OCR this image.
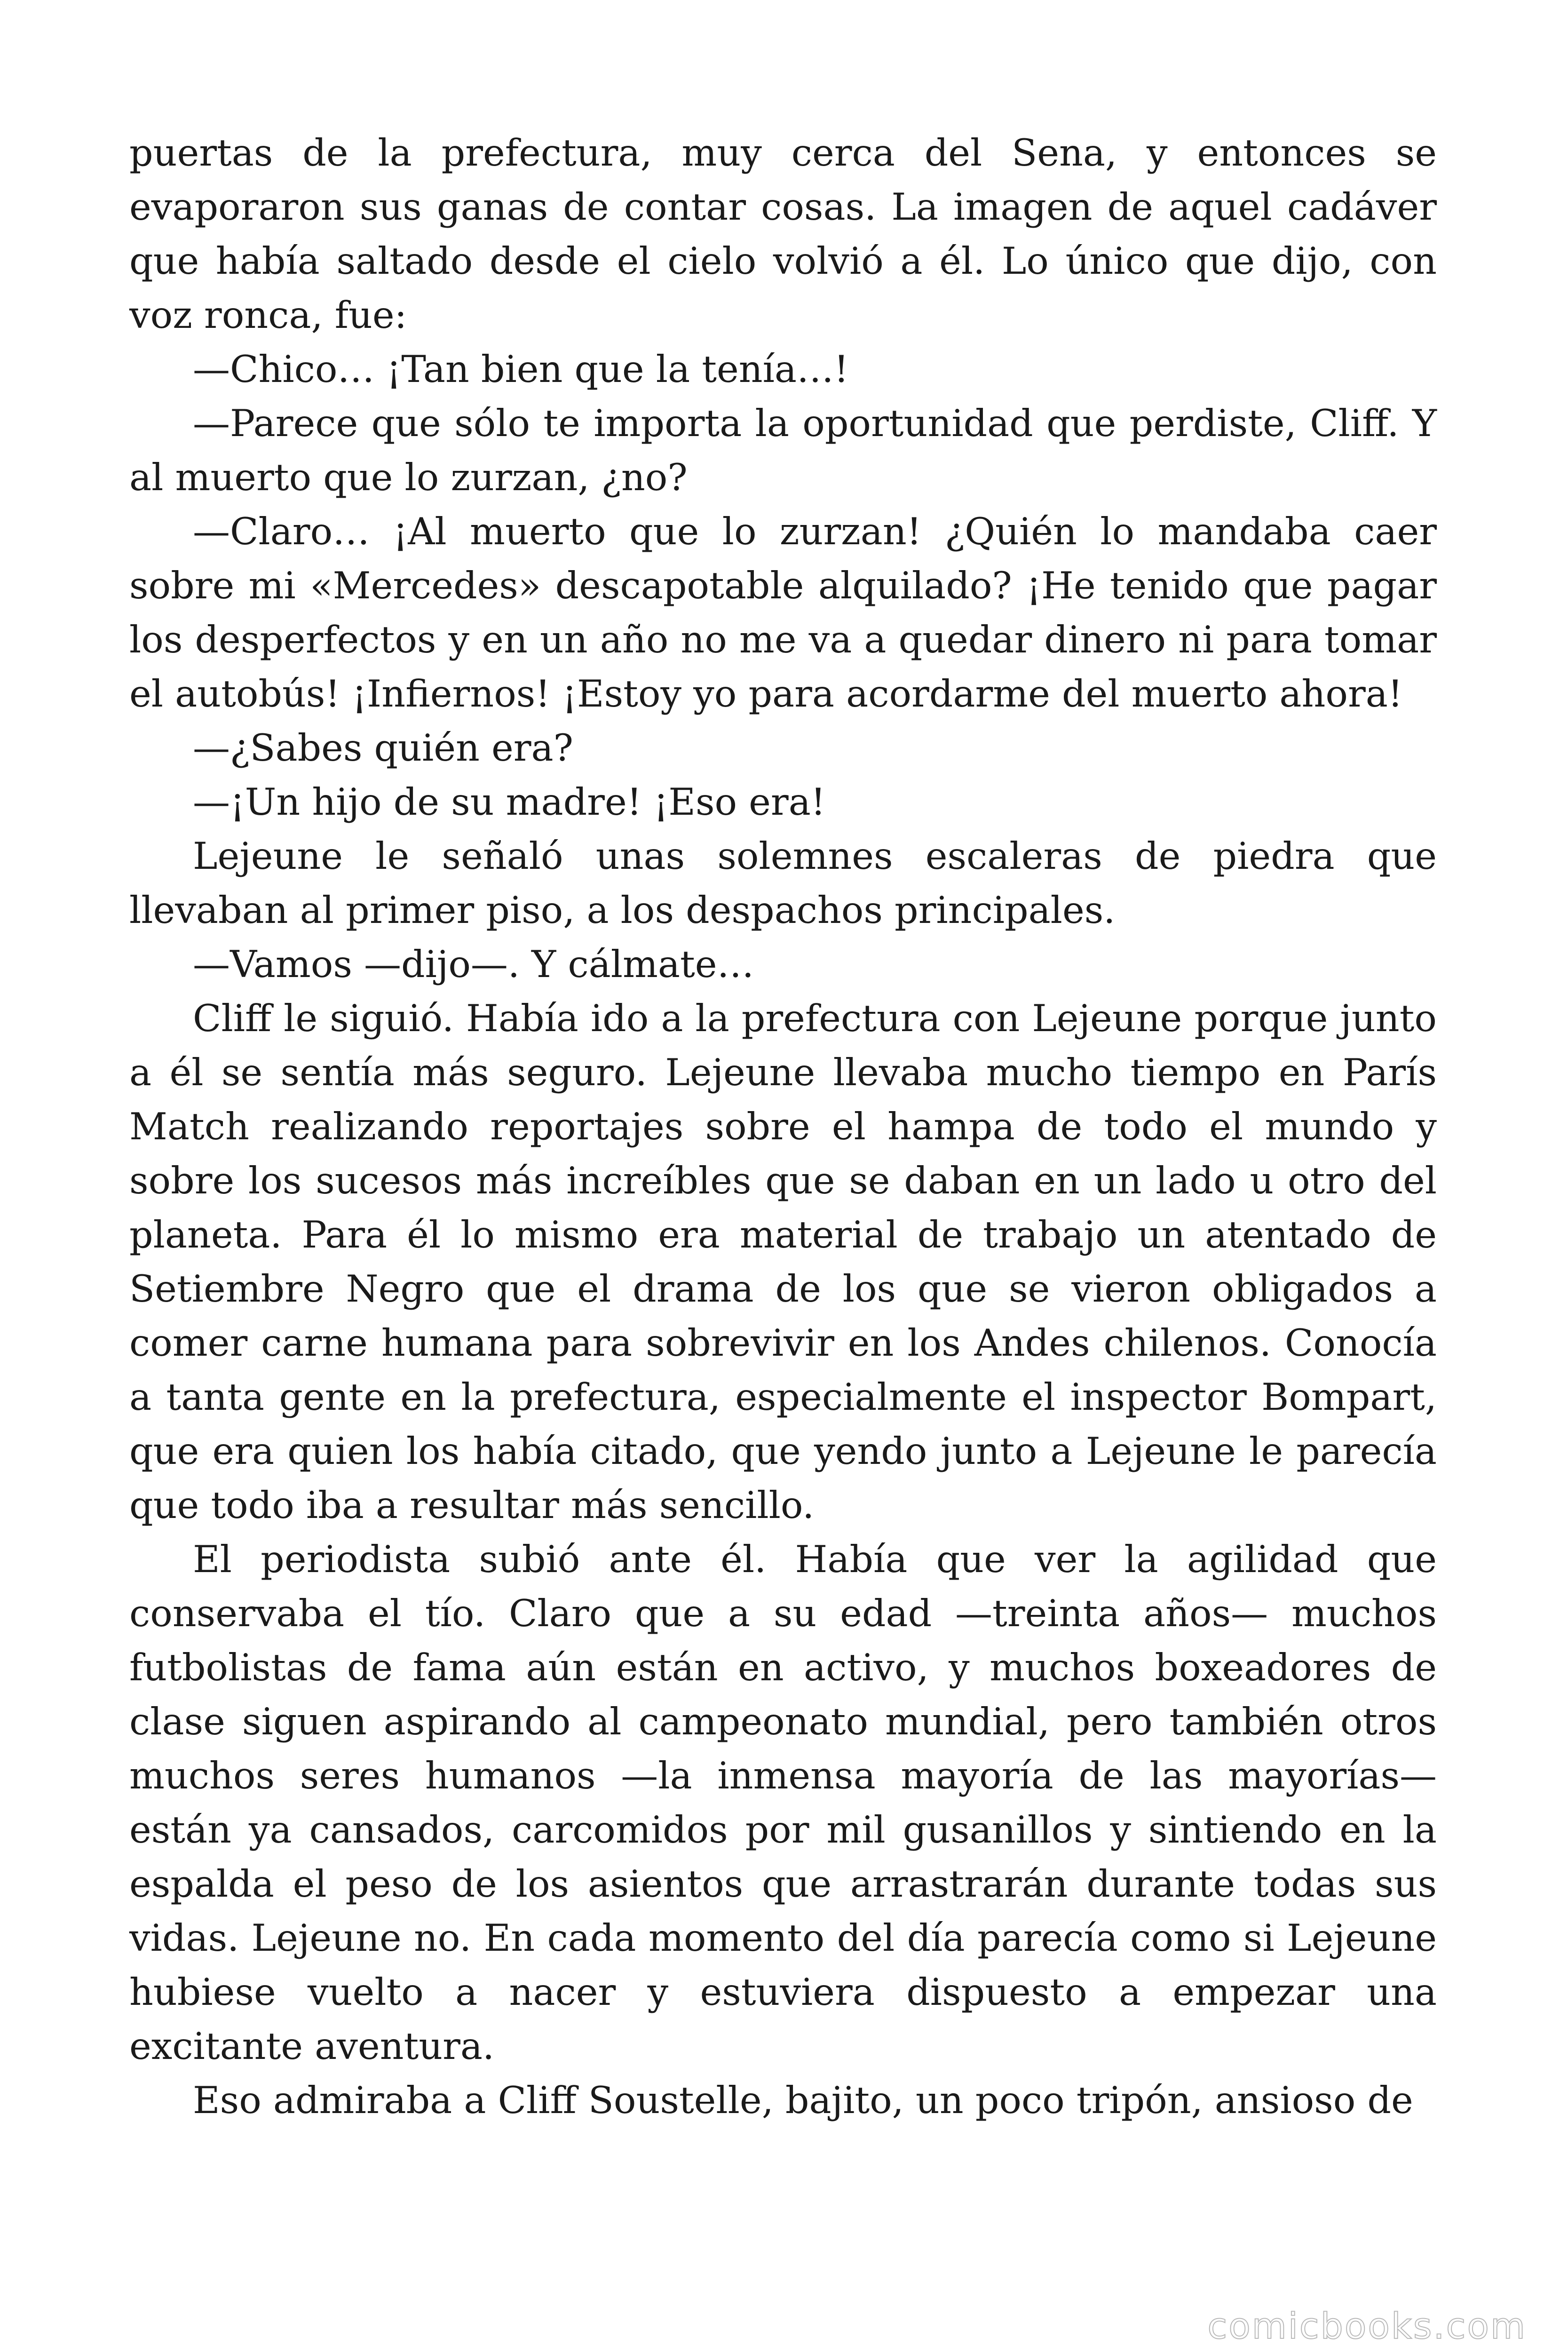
puertas de la prefectura, muy cerca del Sena, y entonces se evaporaron sus ganas de contar cosas. La imagen de aquel cadáver que había saltado desde el cielo volvió a él. Lo único que dijo, con voz ronca, fue:

—Chico… ¡Tan bien que la tenía…!

—Parece que sólo te importa la oportunidad que perdiste, Cliff. Y al muerto que lo zurzan, ¿no?

—Claro… ¡Al muerto que lo zurzan! ¿Quién lo mandaba caer sobre mi «Mercedes» descapotable alquilado? ¡He tenido que pagar los desperfectos y en un año no me va a quedar dinero ni para tomar el autobús! ¡Infiernos! ¡Estoy yo para acordarme del muerto ahora!

—¿Sabes quién era?

—¡Un hijo de su madre! ¡Eso era!

Lejeune le señaló unas solemnes escaleras de piedra que llevaban al primer piso, a los despachos principales.

—Vamos —dijo—. Y cálmate…

Cliff le siguió. Había ido a la prefectura con Lejeune porque junto a él se sentía más seguro. Lejeune llevaba mucho tiempo en París Match realizando reportajes sobre el hampa de todo el mundo y sobre los sucesos más increíbles que se daban en un lado u otro del planeta. Para él lo mismo era material de trabajo un atentado de Setiembre Negro que el drama de los que se vieron obligados a comer carne humana para sobrevivir en los Andes chilenos. Conocía a tanta gente en la prefectura, especialmente el inspector Bompart, que era quien los había citado, que yendo junto a Lejeune le parecía que todo iba a resultar más sencillo.

El periodista subió ante él. Había que ver la agilidad que conservaba el tío. Claro que a su edad —treinta años— muchos futbolistas de fama aún están en activo, y muchos boxeadores de clase siguen aspirando al campeonato mundial, pero también otros muchos seres humanos —la inmensa mayoría de las mayorías— están ya cansados, carcomidos por mil gusanillos y sintiendo en la espalda el peso de los asientos que arrastrarán durante todas sus vidas. Lejeune no. En cada momento del día parecía como si Lejeune hubiese vuelto a nacer y estuviera dispuesto a empezar una excitante aventura.

Eso admiraba a Cliff Soustelle, bajito, un poco tripón, ansioso de

comicbooks.com
